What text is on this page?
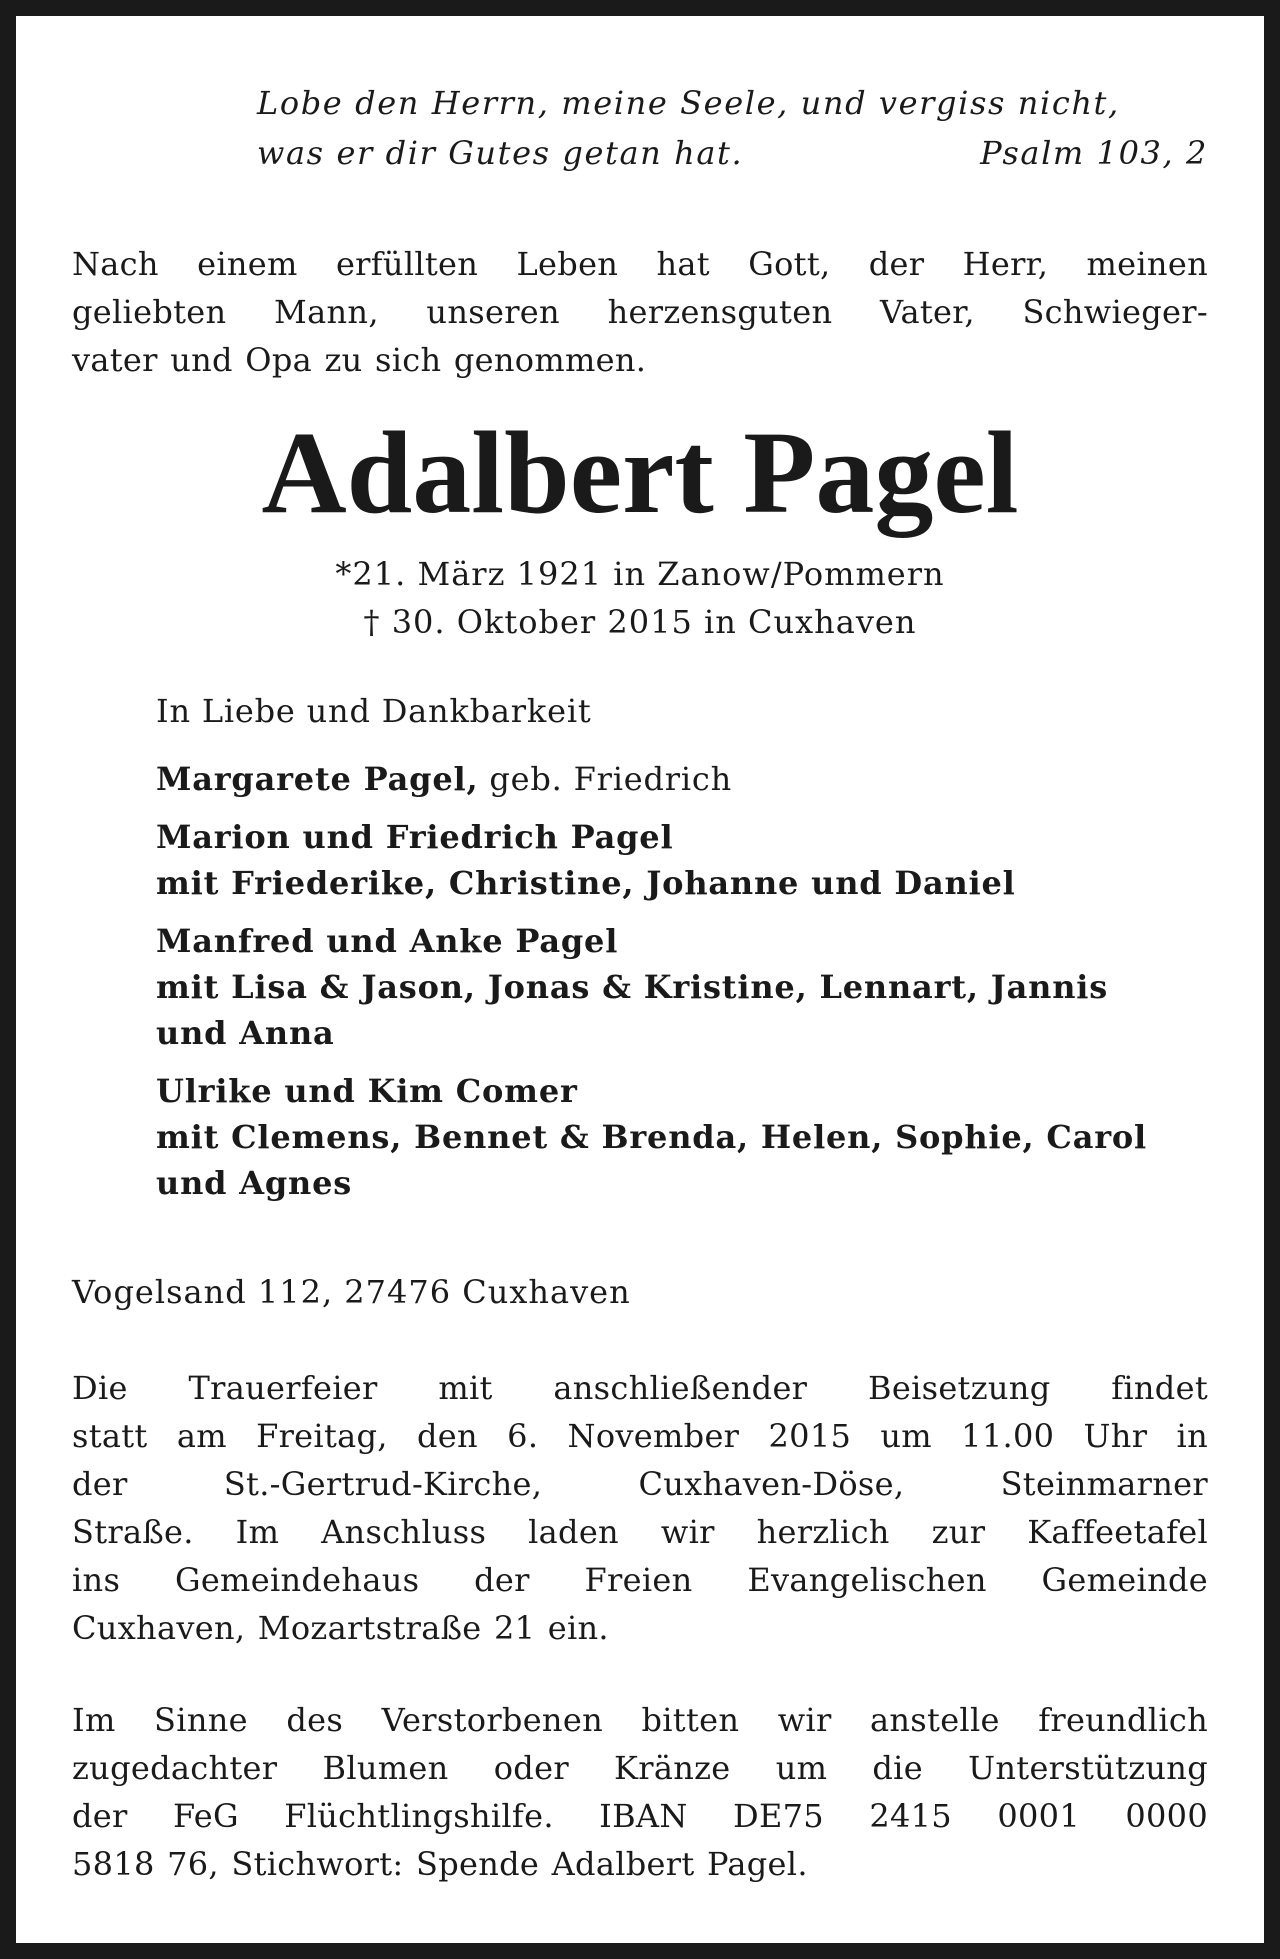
Lobe den Herrn, meine Seele, und vergiss nicht,
was er dir Gutes getan hat.	Psalm 103, 2
Nach einem erfüllten Leben hat Gott, der Herr, meinen
geliebten Mann, unseren herzensguten Vater, Schwieger-
vater und Opa zu sich genommen.
Adalbert Pagel
*21. März 1921 in Zanow/Pommern
† 30. Oktober 2015 in Cuxhaven
In Liebe und Dankbarkeit
Margarete Pagel, geb. Friedrich
Marion und Friedrich Pagel
mit Friederike, Christine, Johanne und Daniel
Manfred und Anke Pagel
mit Lisa & Jason, Jonas & Kristine, Lennart, Jannis
und Anna
Ulrike und Kim Comer
mit Clemens, Bennet & Brenda, Helen, Sophie, Carol
und Agnes
Vogelsand 112, 27476 Cuxhaven
Die Trauerfeier mit anschließender Beisetzung findet
statt am Freitag, den 6. November 2015 um 11.00 Uhr in
der St.-Gertrud-Kirche, Cuxhaven-Döse, Steinmarner
Straße. Im Anschluss laden wir herzlich zur Kaffeetafel
ins Gemeindehaus der Freien Evangelischen Gemeinde
Cuxhaven, Mozartstraße 21 ein.
Im Sinne des Verstorbenen bitten wir anstelle freundlich
zugedachter Blumen oder Kränze um die Unterstützung
der FeG Flüchtlingshilfe. IBAN DE75 2415 0001 0000
5818 76, Stichwort: Spende Adalbert Pagel.
